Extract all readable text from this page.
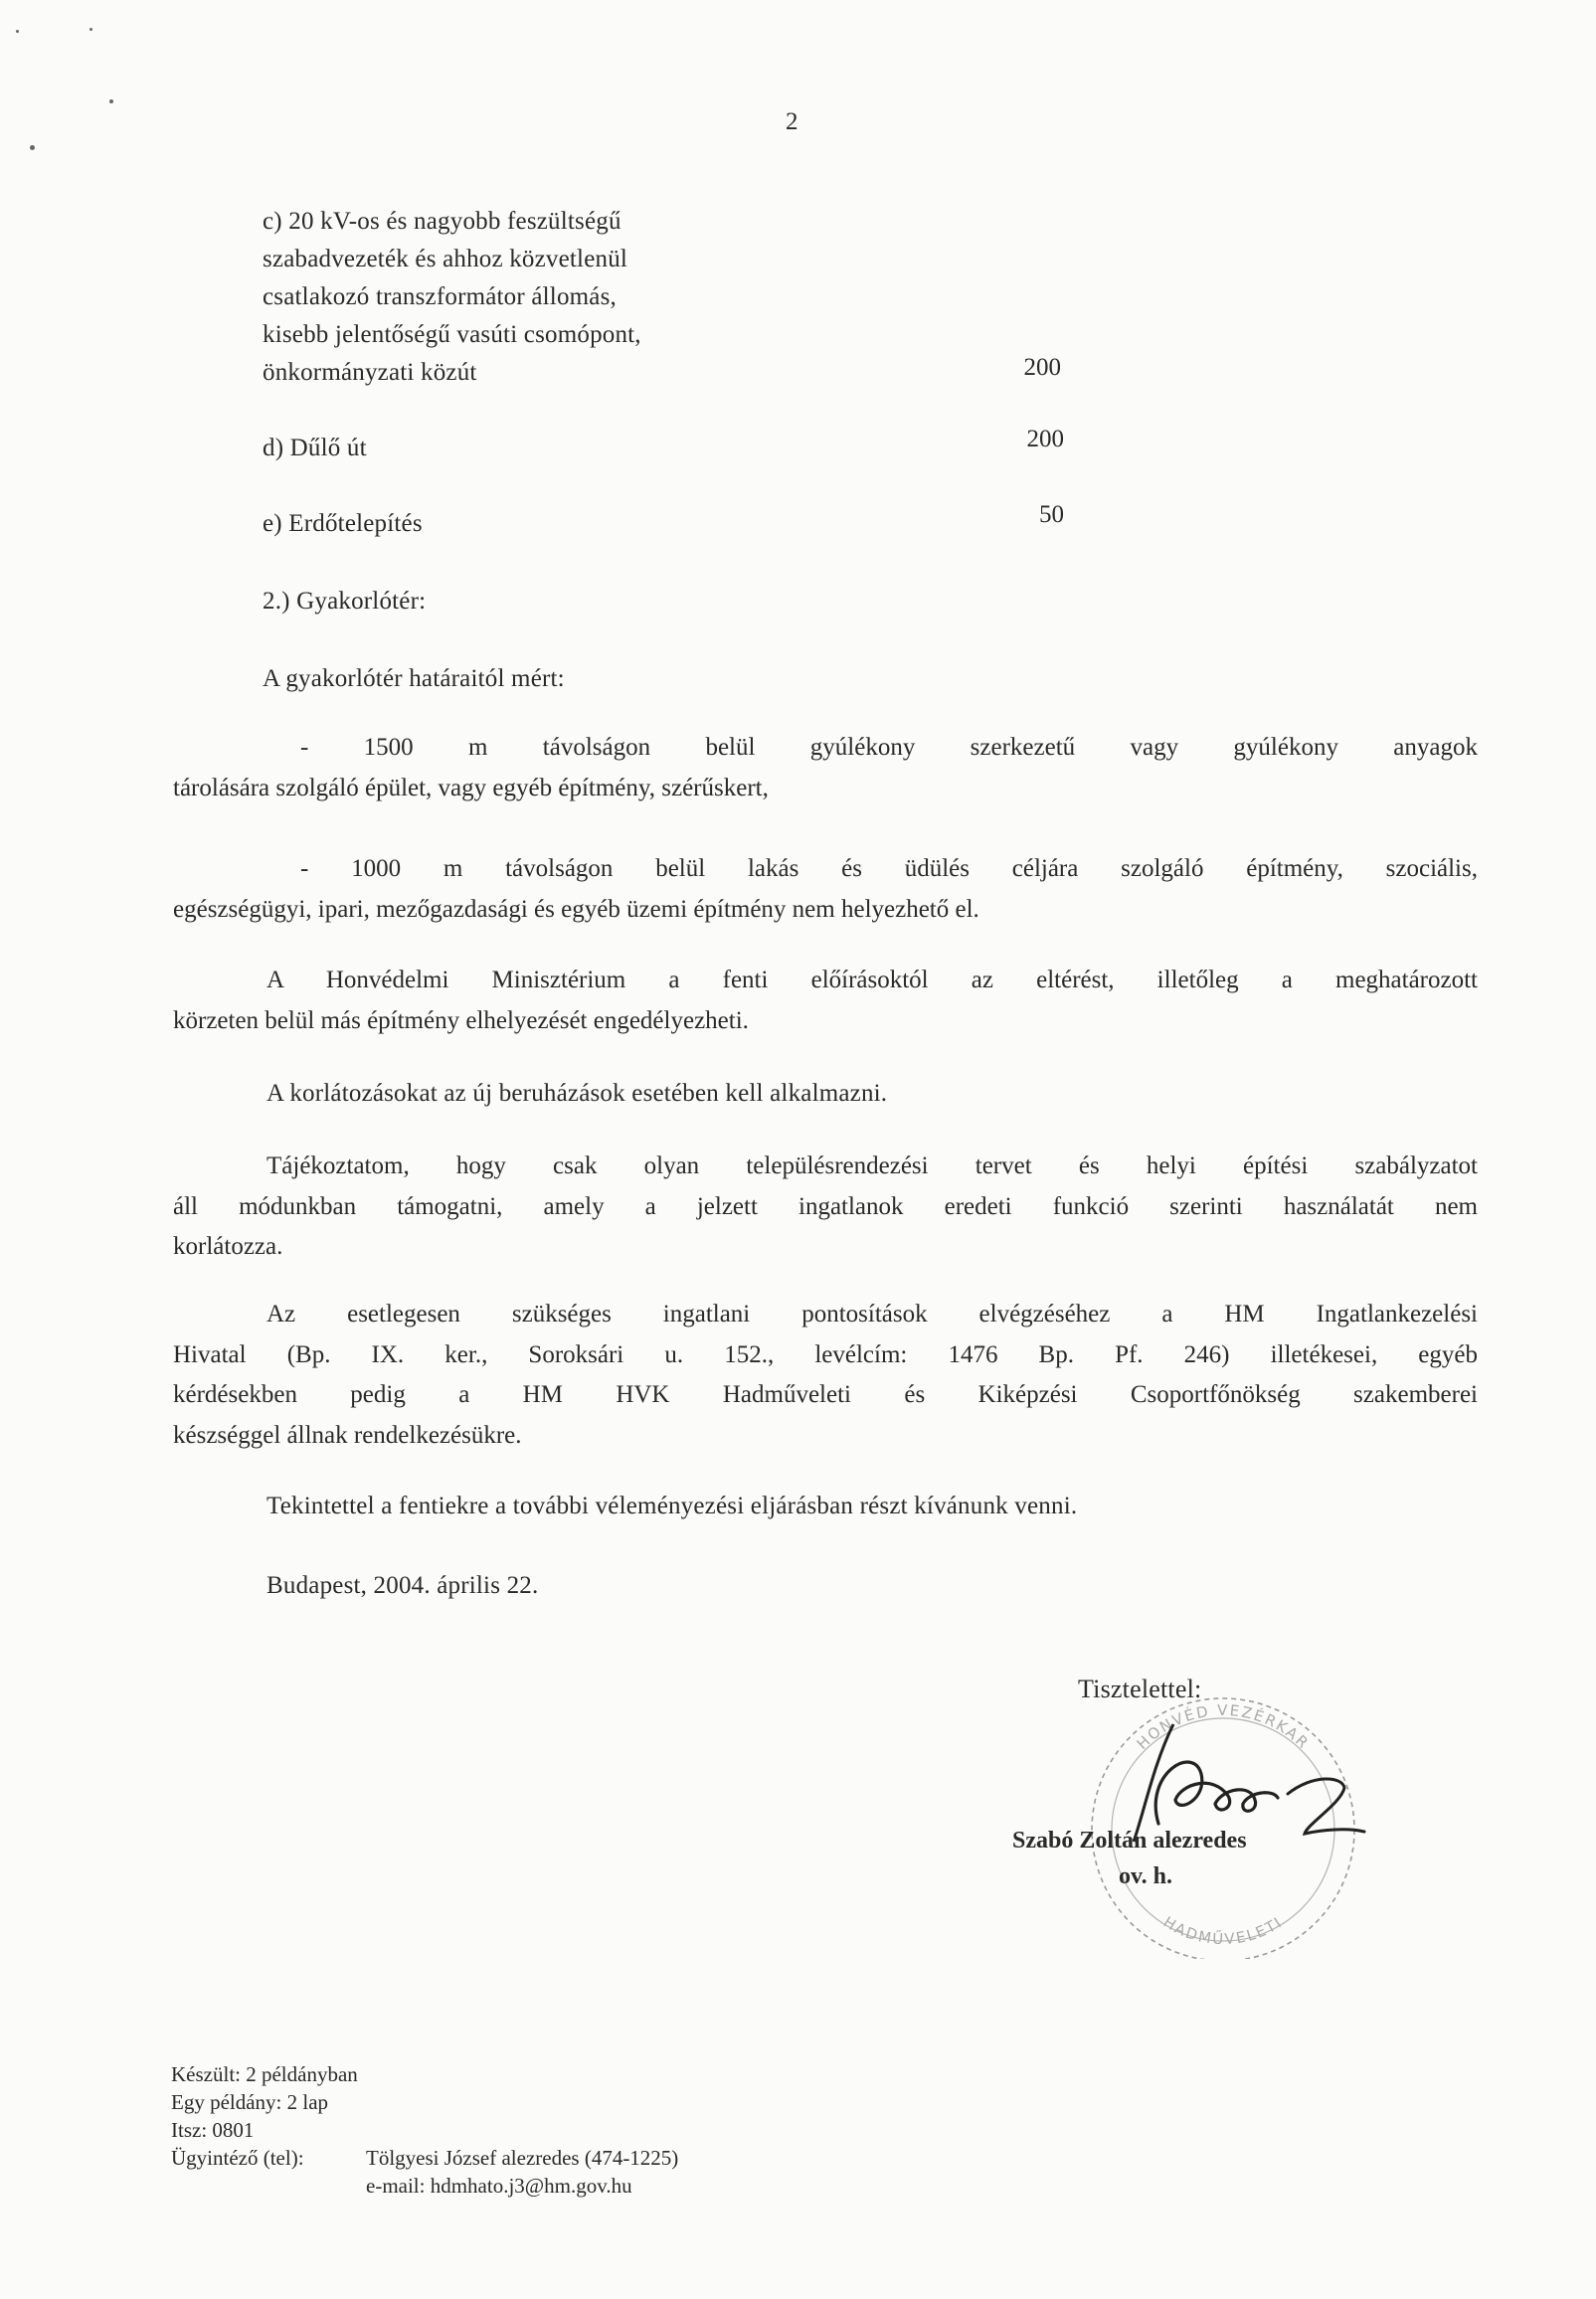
2
c) 20 kV-os és nagyobb feszültségű
szabadvezeték és ahhoz közvetlenül
csatlakozó transzformátor állomás,
kisebb jelentőségű vasúti csomópont,
önkormányzati közút	200
d) Dűlő út	200
e) Erdőtelepítés	50
2.) Gyakorlótér:
A gyakorlótér határaitól mért:
- 1500 m távolságon belül gyúlékony szerkezetű vagy gyúlékony anyagok
tárolására szolgáló épület, vagy egyéb építmény, szérűskert,
- 1000 m távolságon belül lakás és üdülés céljára szolgáló építmény, szociális,
egészségügyi, ipari, mezőgazdasági és egyéb üzemi építmény nem helyezhető el.
A Honvédelmi Minisztérium a fenti előírásoktól az eltérést, illetőleg a meghatározott
körzeten belül más építmény elhelyezését engedélyezheti.
A korlátozásokat az új beruházások esetében kell alkalmazni.
Tájékoztatom, hogy csak olyan településrendezési tervet és helyi építési szabályzatot
áll módunkban támogatni, amely a jelzett ingatlanok eredeti funkció szerinti használatát nem
korlátozza.
Az esetlegesen szükséges ingatlani pontosítások elvégzéséhez a HM Ingatlankezelési
Hivatal (Bp. IX. ker., Soroksári u. 152., levélcím: 1476 Bp. Pf. 246) illetékesei, egyéb
kérdésekben pedig a HM HVK Hadműveleti és Kiképzési Csoportfőnökség szakemberei
készséggel állnak rendelkezésükre.
Tekintettel a fentiekre a további véleményezési eljárásban részt kívánunk venni.
Budapest, 2004. április 22.
HONVÉD VEZÉRKAR
HADMŰVELETI
Tisztelettel:
Szabó Zoltán alezredes
ov. h.
Készült: 2 példányban
Egy példány: 2 lap
Itsz: 0801
Ügyintéző (tel):	Tölgyesi József alezredes (474-1225)
e-mail: hdmhato.j3@hm.gov.hu
